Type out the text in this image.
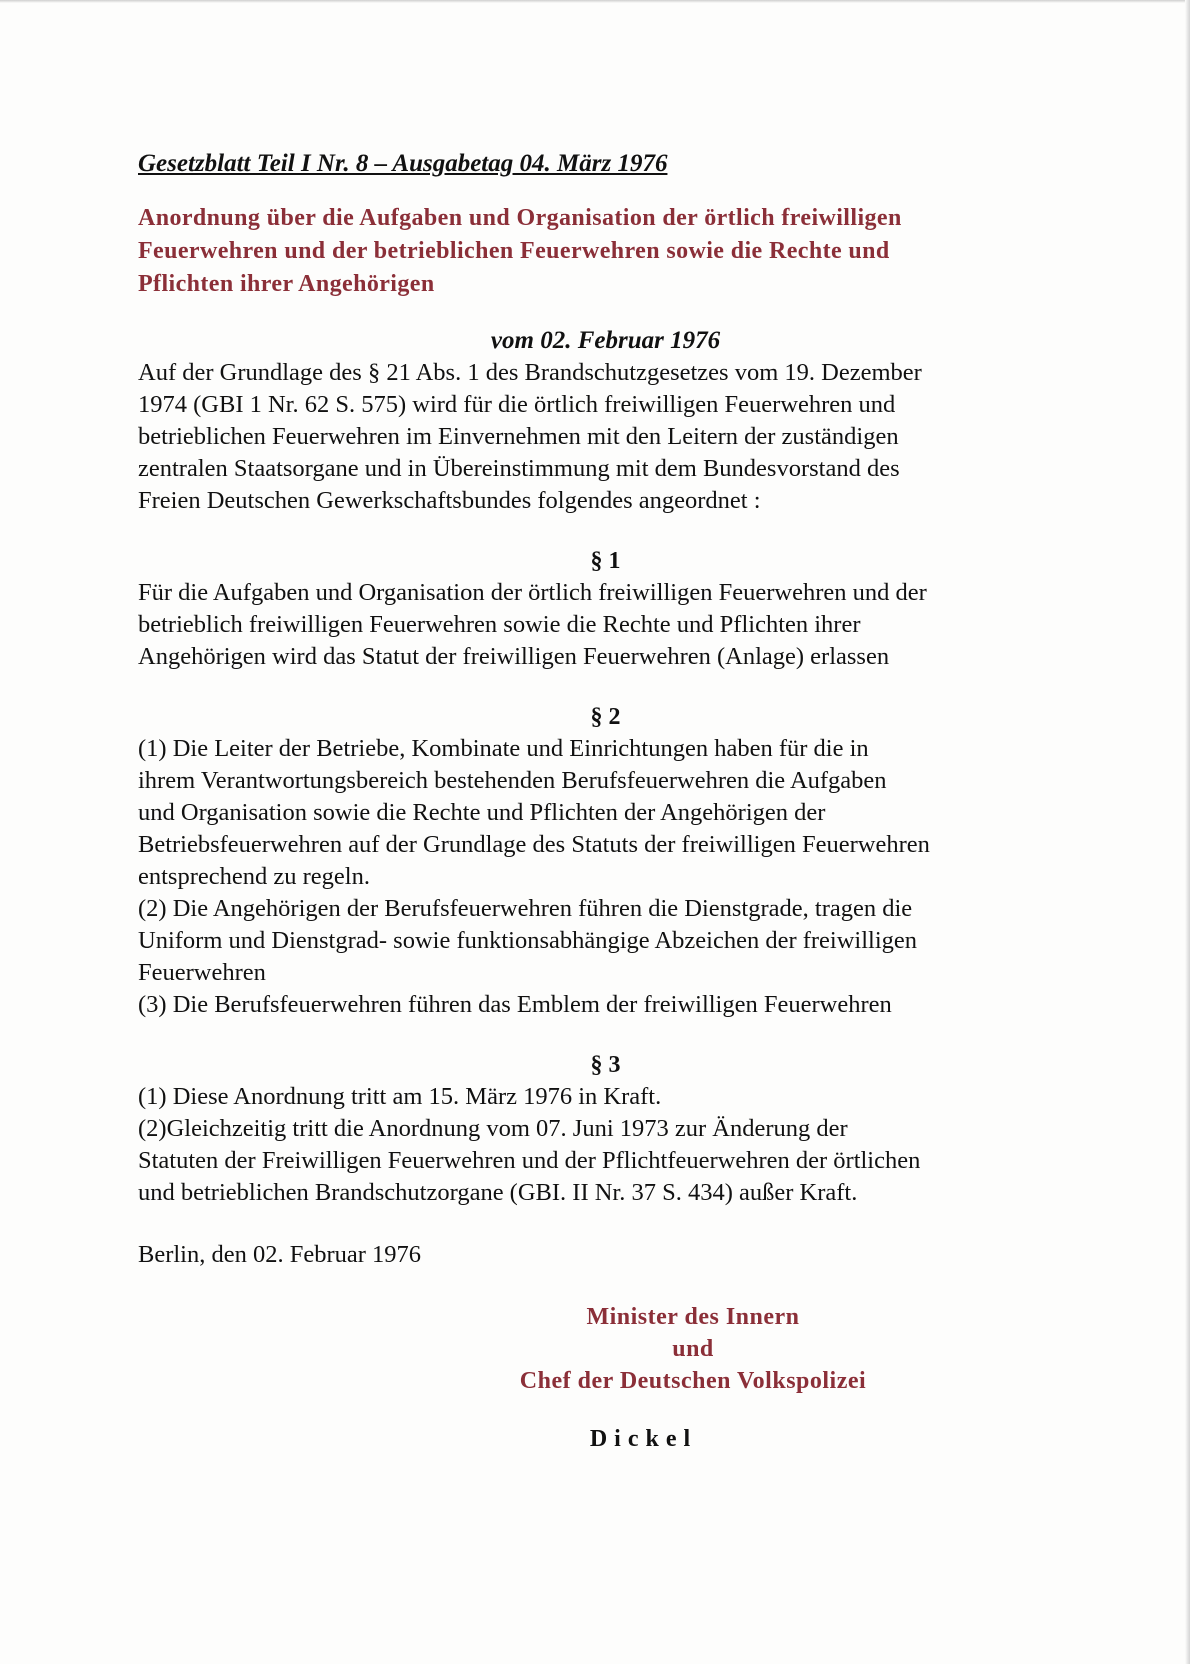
Gesetzblatt Teil I Nr. 8 – Ausgabetag 04. März 1976

Anordnung über die Aufgaben und Organisation der örtlich freiwilligen
Feuerwehren und der betrieblichen Feuerwehren sowie die Rechte und
Pflichten ihrer Angehörigen

vom 02. Februar 1976

Auf der Grundlage des § 21 Abs. 1 des Brandschutzgesetzes vom 19. Dezember
1974 (GBI 1 Nr. 62 S. 575) wird für die örtlich freiwilligen Feuerwehren und
betrieblichen Feuerwehren im Einvernehmen mit den Leitern der zuständigen
zentralen Staatsorgane und in Übereinstimmung mit dem Bundesvorstand des
Freien Deutschen Gewerkschaftsbundes folgendes angeordnet :

§ 1

Für die Aufgaben und Organisation der örtlich freiwilligen Feuerwehren und der
betrieblich freiwilligen Feuerwehren sowie die Rechte und Pflichten ihrer
Angehörigen wird das Statut der freiwilligen Feuerwehren (Anlage) erlassen

§ 2

(1) Die Leiter der Betriebe, Kombinate und Einrichtungen haben für die in
ihrem Verantwortungsbereich bestehenden Berufsfeuerwehren die Aufgaben
und Organisation sowie die Rechte und Pflichten der Angehörigen der
Betriebsfeuerwehren auf der Grundlage des Statuts der freiwilligen Feuerwehren
entsprechend zu regeln.
(2) Die Angehörigen der Berufsfeuerwehren führen die Dienstgrade, tragen die
Uniform und Dienstgrad- sowie funktionsabhängige Abzeichen der freiwilligen
Feuerwehren
(3) Die Berufsfeuerwehren führen das Emblem der freiwilligen Feuerwehren

§ 3

(1) Diese Anordnung tritt am 15. März 1976 in Kraft.
(2)Gleichzeitig tritt die Anordnung vom 07. Juni 1973 zur Änderung der
Statuten der Freiwilligen Feuerwehren und der Pflichtfeuerwehren der örtlichen
und betrieblichen Brandschutzorgane (GBI. II Nr. 37 S. 434) außer Kraft.

Berlin, den 02. Februar 1976

Minister des Innern
und
Chef der Deutschen Volkspolizei

Dickel
